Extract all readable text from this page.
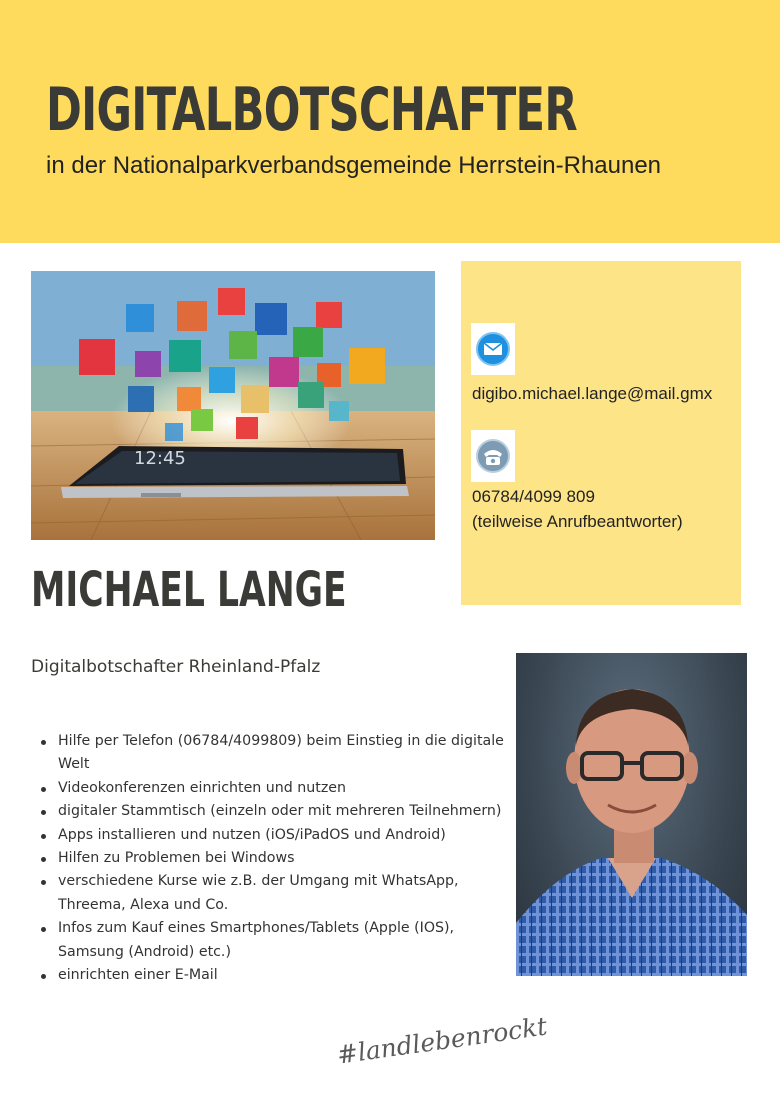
DIGITALBOTSCHAFTER

in der Nationalparkverbandsgemeinde Herrstein-Rhaunen

12:45
digibo.michael.lange@mail.gmx
06784/4099 809
(teilweise Anrufbeantworter)
MICHAEL LANGE
Digitalbotschafter Rheinland-Pfalz
Hilfe per Telefon (06784/4099809) beim Einstieg in die digitale Welt
Videokonferenzen einrichten und nutzen
digitaler Stammtisch (einzeln oder mit mehreren Teilnehmern)
Apps installieren und nutzen (iOS/iPadOS und Android)
Hilfen zu Problemen bei Windows
verschiedene Kurse wie z.B. der Umgang mit WhatsApp, Threema, Alexa und Co.
Infos zum Kauf eines Smartphones/Tablets (Apple (IOS), Samsung (Android) etc.)
einrichten einer E-Mail
#landlebenrockt
